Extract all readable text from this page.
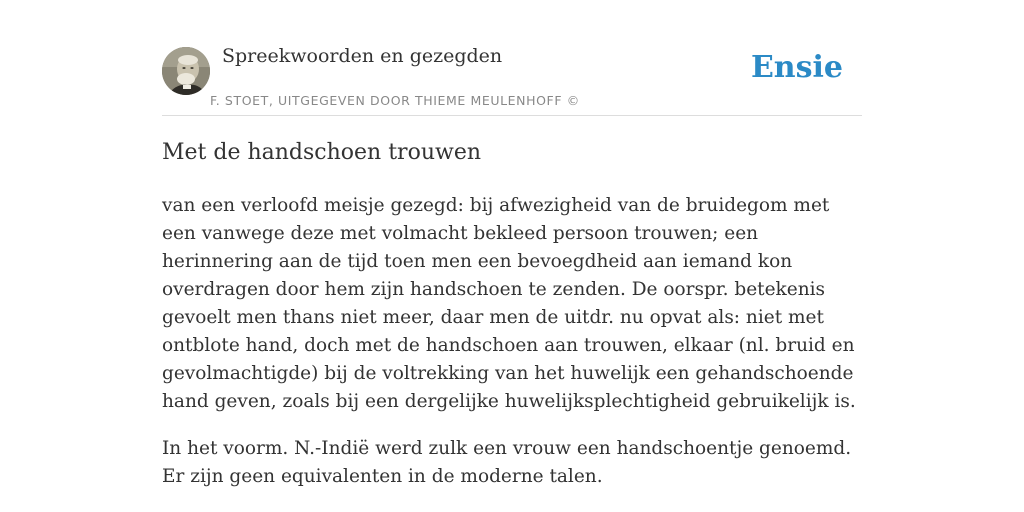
Spreekwoorden en gezegden
F. STOET, UITGEGEVEN DOOR THIEME MEULENHOFF ©
Ensie
Met de handschoen trouwen

van een verloofd meisje gezegd: bij afwezigheid van de bruidegom met een vanwege deze met volmacht bekleed persoon trouwen; een herinnering aan de tijd toen men een bevoegdheid aan iemand kon overdragen door hem zijn handschoen te zenden. De oorspr. betekenis gevoelt men thans niet meer, daar men de uitdr. nu opvat als: niet met ontblote hand, doch met de handschoen aan trouwen, elkaar (nl. bruid en gevolmachtigde) bij de voltrekking van het huwelijk een gehandschoende hand geven, zoals bij een dergelijke huwelijksplechtigheid gebruikelijk is.

In het voorm. N.-Indië werd zulk een vrouw een handschoentje genoemd. Er zijn geen equivalenten in de moderne talen.
